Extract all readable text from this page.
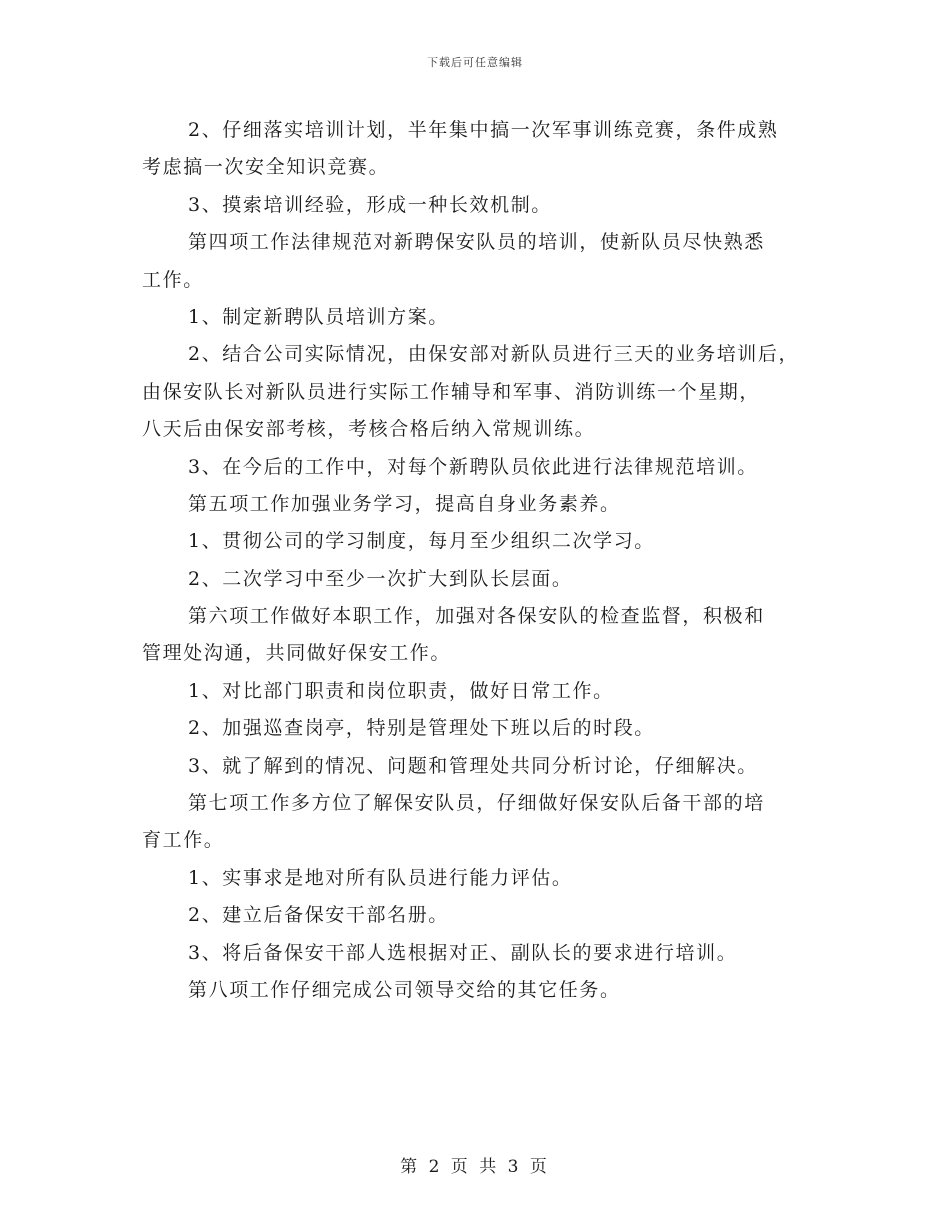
下载后可任意编辑
2、仔细落实培训计划，半年集中搞一次军事训练竞赛，条件成熟
考虑搞一次安全知识竞赛。
3、摸索培训经验，形成一种长效机制。
第四项工作法律规范对新聘保安队员的培训，使新队员尽快熟悉
工作。
1、制定新聘队员培训方案。
2、结合公司实际情况，由保安部对新队员进行三天的业务培训后，
由保安队长对新队员进行实际工作辅导和军事、消防训练一个星期，
八天后由保安部考核，考核合格后纳入常规训练。
3、在今后的工作中，对每个新聘队员依此进行法律规范培训。
第五项工作加强业务学习，提高自身业务素养。
1、贯彻公司的学习制度，每月至少组织二次学习。
2、二次学习中至少一次扩大到队长层面。
第六项工作做好本职工作，加强对各保安队的检查监督，积极和
管理处沟通，共同做好保安工作。
1、对比部门职责和岗位职责，做好日常工作。
2、加强巡查岗亭，特别是管理处下班以后的时段。
3、就了解到的情况、问题和管理处共同分析讨论，仔细解决。
第七项工作多方位了解保安队员，仔细做好保安队后备干部的培
育工作。
1、实事求是地对所有队员进行能力评估。
2、建立后备保安干部名册。
3、将后备保安干部人选根据对正、副队长的要求进行培训。
第八项工作仔细完成公司领导交给的其它任务。
第 2 页 共 3 页
